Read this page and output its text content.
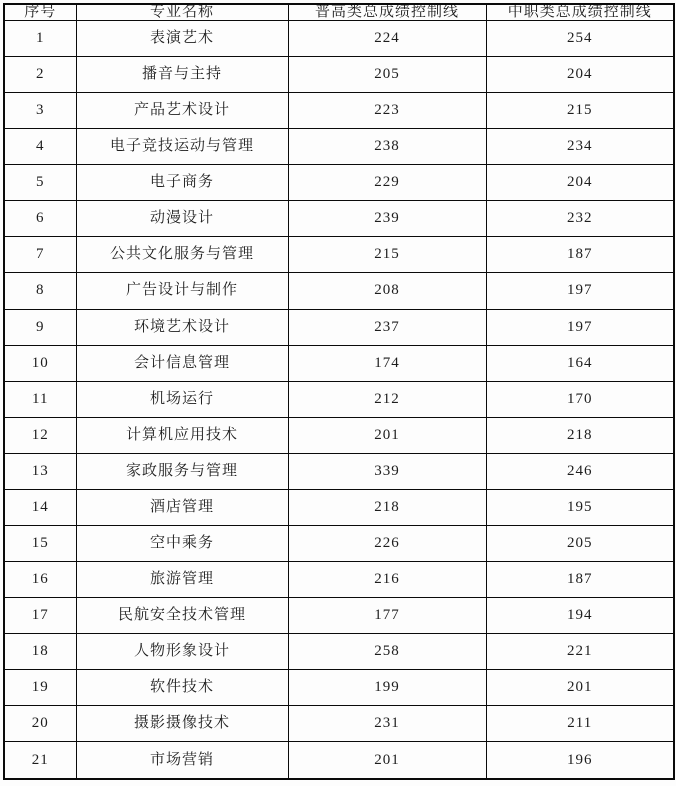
序号	专业名称	普高类总成绩控制线	中职类总成绩控制线
1	表演艺术	224	254
2	播音与主持	205	204
3	产品艺术设计	223	215
4	电子竞技运动与管理	238	234
5	电子商务	229	204
6	动漫设计	239	232
7	公共文化服务与管理	215	187
8	广告设计与制作	208	197
9	环境艺术设计	237	197
10	会计信息管理	174	164
11	机场运行	212	170
12	计算机应用技术	201	218
13	家政服务与管理	339	246
14	酒店管理	218	195
15	空中乘务	226	205
16	旅游管理	216	187
17	民航安全技术管理	177	194
18	人物形象设计	258	221
19	软件技术	199	201
20	摄影摄像技术	231	211
21	市场营销	201	196
